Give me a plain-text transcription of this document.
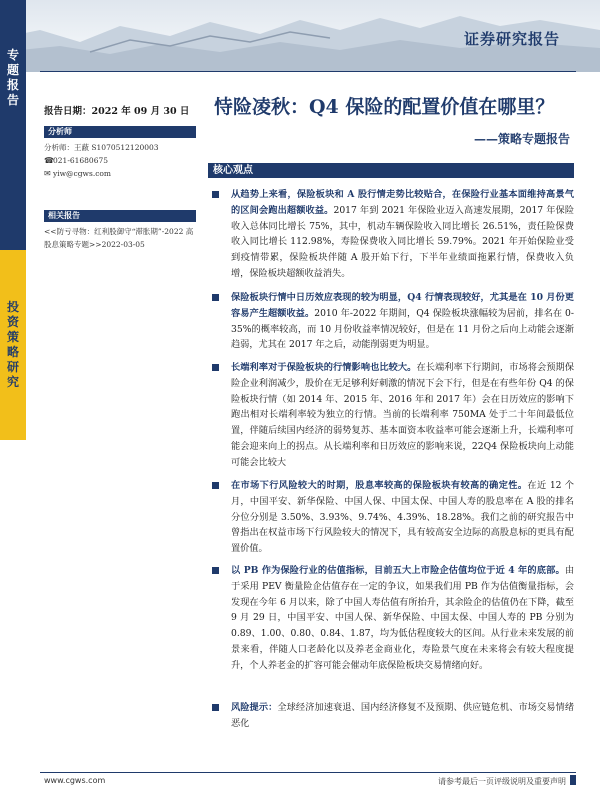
证券研究报告
专
题
报
告
投
资
策
略
研
究
报告日期：2022 年 09 月 30 日
分析师
分析师：王蔽 S1070512120003
☎021-61680675
✉ yiw@cgws.com
相关报告
<<防亏寻物：红利股御守“滞胀期”-2022 高股息策略专题>>2022-03-05
恃险凌秋：Q4 保险的配置价值在哪里？
——策略专题报告
核心观点
从趋势上来看，保险板块和 A 股行情走势比较贴合，在保险行业基本面维持高景气的区间会跑出超额收益。2017 年到 2021 年保险业迈入高速发展期，2017 年保险收入总体同比增长 75%，其中，机动车辆保险收入同比增长 26.51%，责任险保费收入同比增长 112.98%，寿险保费收入同比增长 59.79%。2021 年开始保险业受到疫情带累，保险板块伴随 A 股开始下行，下半年业绩面拖累行情，保费收入负增，保险板块超额收益消失。
保险板块行情中日历效应表现的较为明显，Q4 行情表现较好，尤其是在 10 月份更容易产生超额收益。2010 年-2022 年期间，Q4 保险板块涨幅较为居前，排名在 0-35%的概率较高，而 10 月份收益率情况较好，但是在 11 月份之后向上动能会逐渐趋弱，尤其在 2017 年之后，动能削弱更为明显。
长端利率对于保险板块的行情影响也比较大。在长端利率下行期间，市场将会预期保险企业利润减少，股价在无足够利好刺激的情况下会下行，但是在有些年份 Q4 的保险板块行情（如 2014 年、2015 年、2016 年和 2017 年）会在日历效应的影响下跑出相对长端利率较为独立的行情。当前的长端利率 750MA 处于二十年间最低位置，伴随后续国内经济的弱势复苏、基本面资本收益率可能会逐渐上升，长端利率可能会迎来向上的拐点。从长端利率和日历效应的影响来说，22Q4 保险板块向上动能可能会比较大
在市场下行风险较大的时期，股息率较高的保险板块有较高的确定性。在近 12 个月，中国平安、新华保险、中国人保、中国太保、中国人寿的股息率在 A 股的排名分位分别是 3.50%、3.93%、9.74%、4.39%、18.28%。我们之前的研究报告中曾指出在权益市场下行风险较大的情况下，具有较高安全边际的高股息标的更具有配置价值。
以 PB 作为保险行业的估值指标，目前五大上市险企估值均位于近 4 年的底部。由于采用 PEV 衡量险企估值存在一定的争议，如果我们用 PB 作为估值衡量指标，会发现在今年 6 月以来，除了中国人寿估值有所抬升，其余险企的估值仍在下降，截至 9 月 29 日，中国平安、中国人保、新华保险、中国太保、中国人寿的 PB 分别为 0.89、1.00、0.80、0.84、1.87，均为低估程度较大的区间。从行业未来发展的前景来看，伴随人口老龄化以及养老金商业化，寿险景气度在未来将会有较大程度提升，个人养老金的扩容可能会催动年底保险板块交易情绪向好。
风险提示：全球经济加速衰退、国内经济修复不及预期、供应链危机、市场交易情绪恶化
www.cgws.com	请参考最后一页评级说明及重要声明
